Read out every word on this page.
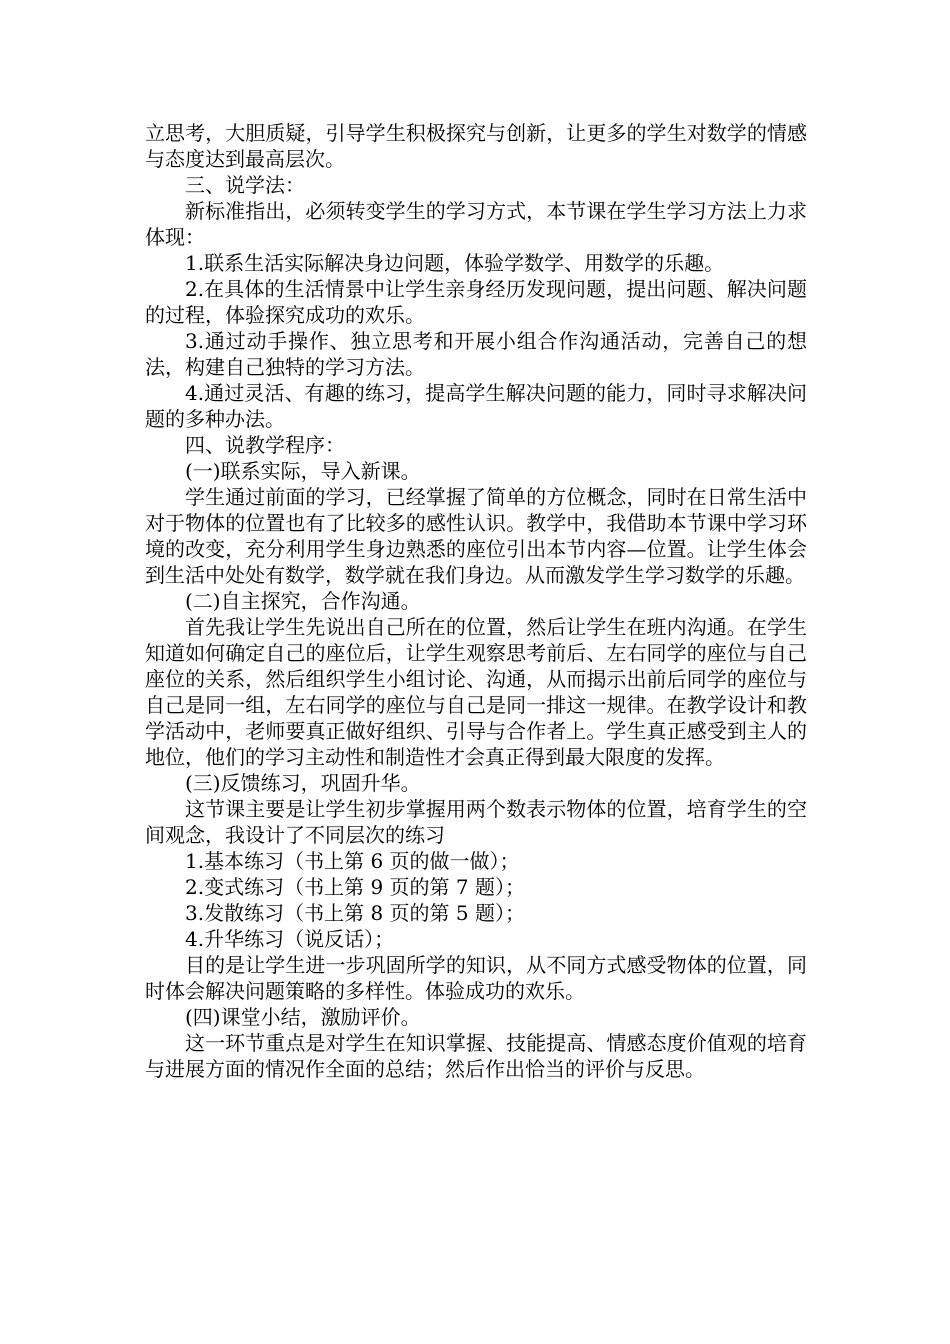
立思考，大胆质疑，引导学生积极探究与创新，让更多的学生对数学的情感与态度达到最高层次。

三、说学法：

新标准指出，必须转变学生的学习方式，本节课在学生学习方法上力求体现：

1.联系生活实际解决身边问题，体验学数学、用数学的乐趣。

2.在具体的生活情景中让学生亲身经历发现问题，提出问题、解决问题的过程，体验探究成功的欢乐。

3.通过动手操作、独立思考和开展小组合作沟通活动，完善自己的想法，构建自己独特的学习方法。

4.通过灵活、有趣的练习，提高学生解决问题的能力，同时寻求解决问题的多种办法。

四、说教学程序：

(一)联系实际，导入新课。

学生通过前面的学习，已经掌握了简单的方位概念，同时在日常生活中对于物体的位置也有了比较多的感性认识。教学中，我借助本节课中学习环境的改变，充分利用学生身边熟悉的座位引出本节内容—位置。让学生体会到生活中处处有数学，数学就在我们身边。从而激发学生学习数学的乐趣。

(二)自主探究，合作沟通。

首先我让学生先说出自己所在的位置，然后让学生在班内沟通。在学生知道如何确定自己的座位后，让学生观察思考前后、左右同学的座位与自己座位的关系，然后组织学生小组讨论、沟通，从而揭示出前后同学的座位与自己是同一组，左右同学的座位与自己是同一排这一规律。在教学设计和教学活动中，老师要真正做好组织、引导与合作者上。学生真正感受到主人的地位，他们的学习主动性和制造性才会真正得到最大限度的发挥。

(三)反馈练习，巩固升华。

这节课主要是让学生初步掌握用两个数表示物体的位置，培育学生的空间观念，我设计了不同层次的练习

1.基本练习（书上第 6 页的做一做）；

2.变式练习（书上第 9 页的第 7 题）；

3.发散练习（书上第 8 页的第 5 题）；

4.升华练习（说反话）；

目的是让学生进一步巩固所学的知识，从不同方式感受物体的位置，同时体会解决问题策略的多样性。体验成功的欢乐。

(四)课堂小结，激励评价。

这一环节重点是对学生在知识掌握、技能提高、情感态度价值观的培育与进展方面的情况作全面的总结；然后作出恰当的评价与反思。
